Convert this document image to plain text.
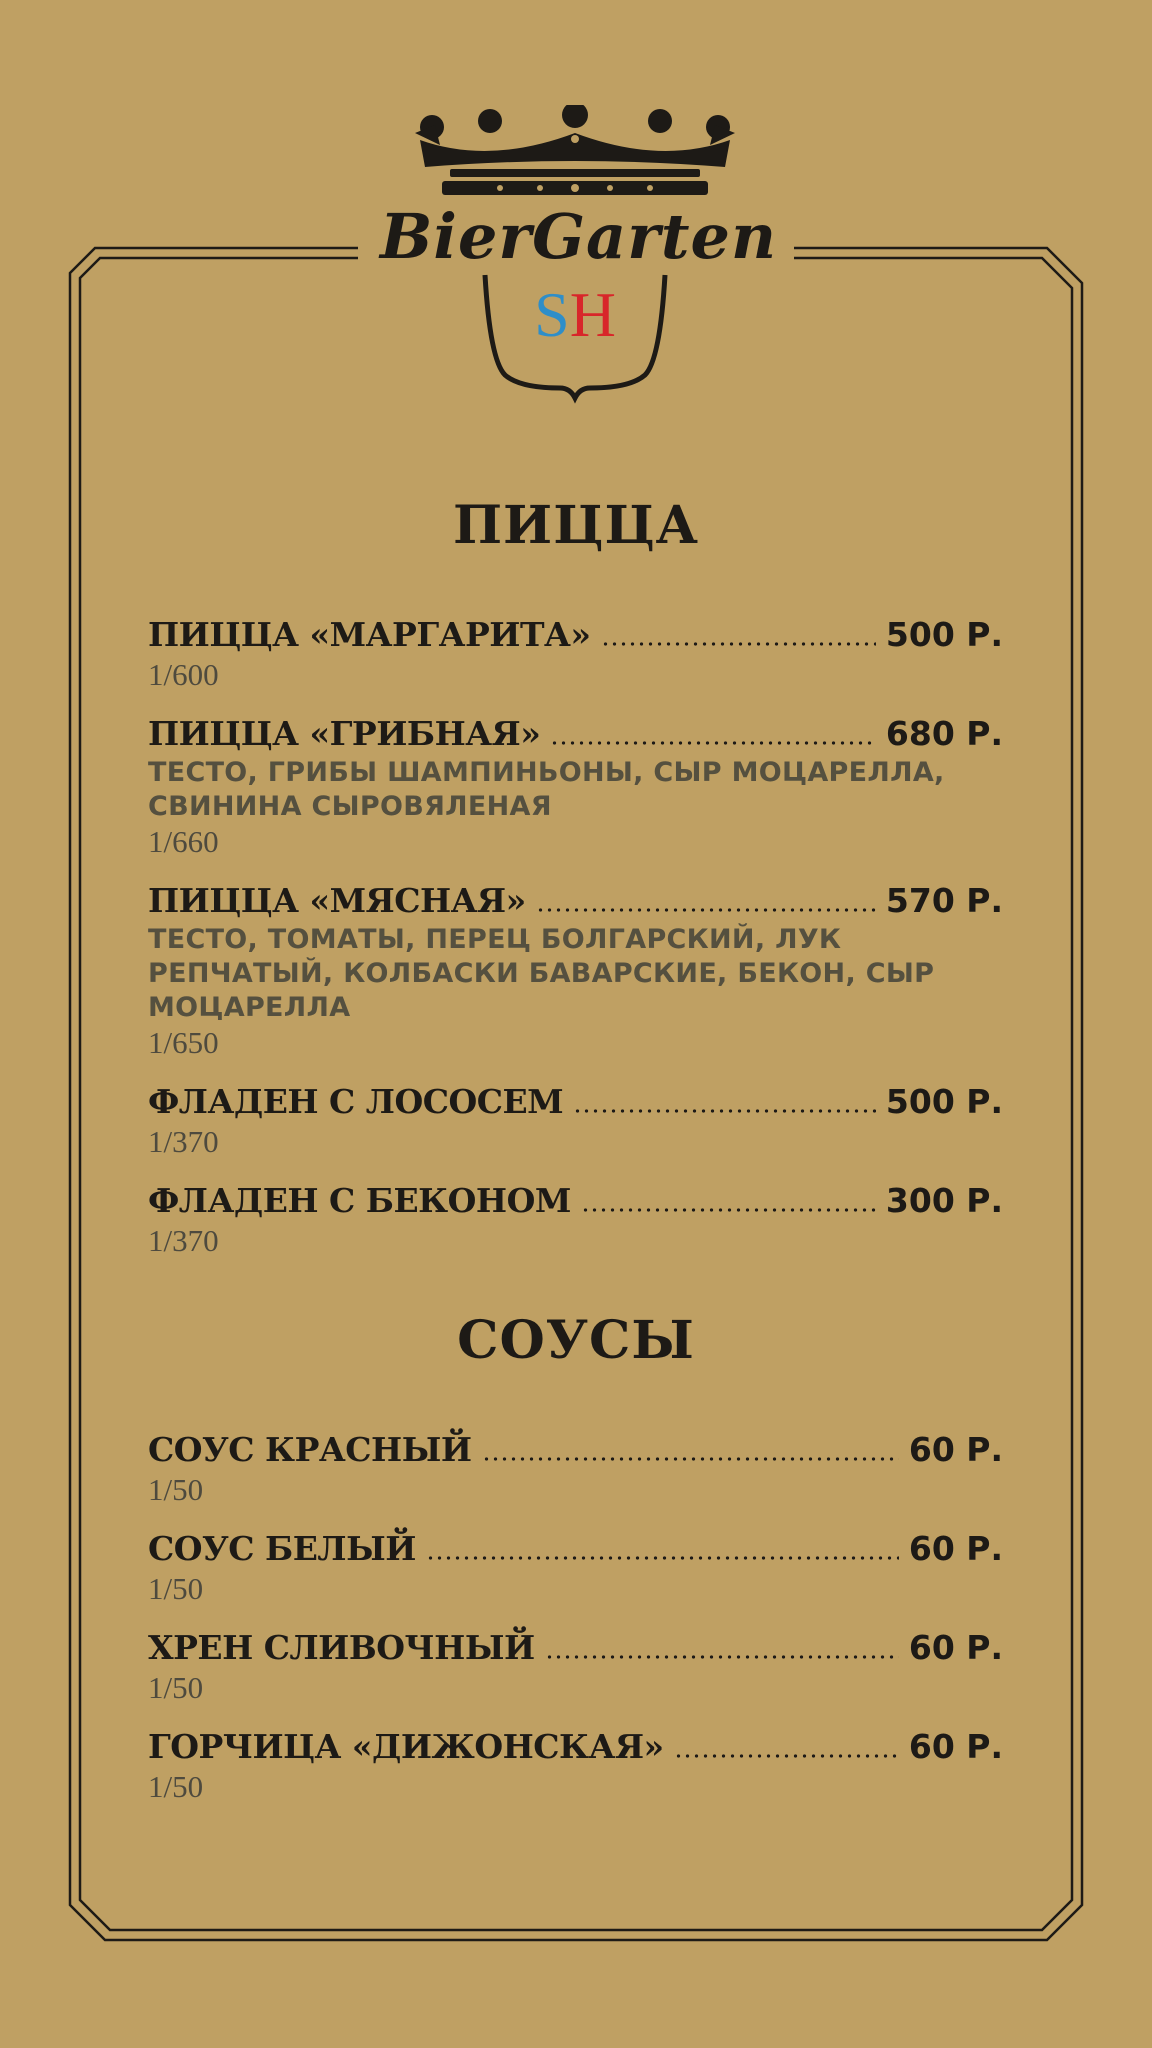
BierGarten
SH
ПИЦЦА
ПИЦЦА «МАРГАРИТА»	500 Р.
1/600
ПИЦЦА «ГРИБНАЯ»	680 Р.
ТЕСТО, ГРИБЫ ШАМПИНЬОНЫ, СЫР МОЦАРЕЛЛА, СВИНИНА СЫРОВЯЛЕНАЯ
1/660
ПИЦЦА «МЯСНАЯ»	570 Р.
ТЕСТО, ТОМАТЫ, ПЕРЕЦ БОЛГАРСКИЙ, ЛУК РЕПЧАТЫЙ, КОЛБАСКИ БАВАРСКИЕ, БЕКОН, СЫР МОЦАРЕЛЛА
1/650
ФЛАДЕН С ЛОСОСЕМ	500 Р.
1/370
ФЛАДЕН С БЕКОНОМ	300 Р.
1/370
СОУСЫ
СОУС КРАСНЫЙ	60 Р.
1/50
СОУС БЕЛЫЙ	60 Р.
1/50
ХРЕН СЛИВОЧНЫЙ	60 Р.
1/50
ГОРЧИЦА «ДИЖОНСКАЯ»	60 Р.
1/50
